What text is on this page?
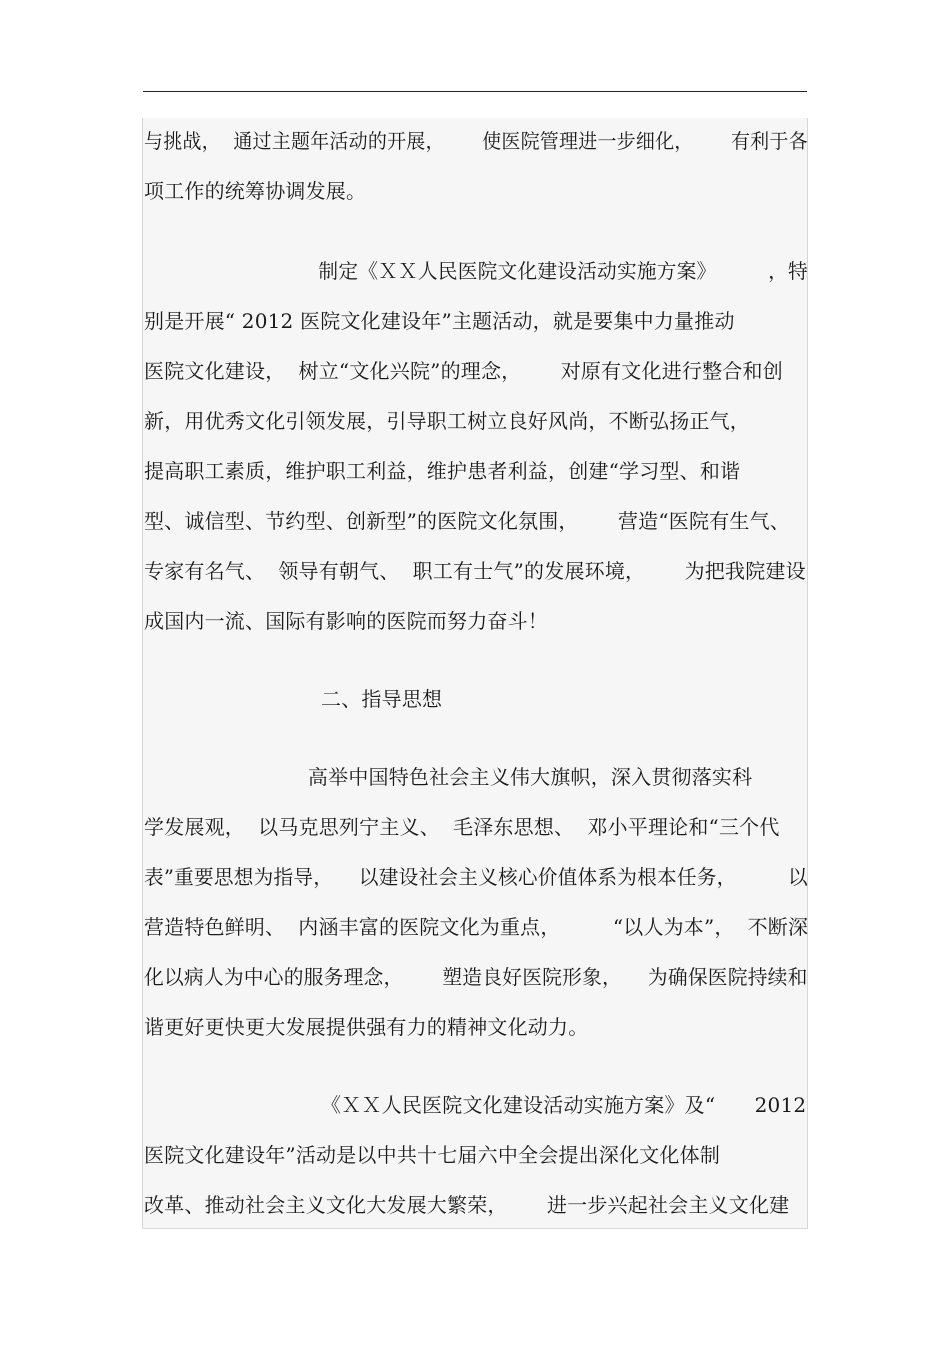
与挑战，  通过主题年活动的开展，      使医院管理进一步细化，      有利于各
项工作的统筹协调发展。
制定《ＸＸ人民医院文化建设活动实施方案》        ，特
别是开展“ 2012 医院文化建设年”主题活动，就是要集中力量推动
医院文化建设，  树立“文化兴院”的理念，      对原有文化进行整合和创
新，用优秀文化引领发展，引导职工树立良好风尚，不断弘扬正气，
提高职工素质，维护职工利益，维护患者利益，创建“学习型、和谐
型、诚信型、节约型、创新型”的医院文化氛围，      营造“医院有生气、
专家有名气、  领导有朝气、  职工有士气”的发展环境，      为把我院建设
成国内一流、国际有影响的医院而努力奋斗！
二、指导思想
高举中国特色社会主义伟大旗帜，深入贯彻落实科
学发展观，  以马克思列宁主义、  毛泽东思想、  邓小平理论和“三个代
表”重要思想为指导，    以建设社会主义核心价值体系为根本任务，        以
营造特色鲜明、  内涵丰富的医院文化为重点，        “以人为本”，  不断深
化以病人为中心的服务理念，      塑造良好医院形象，    为确保医院持续和
谐更好更快更大发展提供强有力的精神文化动力。
《ＸＸ人民医院文化建设活动实施方案》及“      2012
医院文化建设年”活动是以中共十七届六中全会提出深化文化体制
改革、推动社会主义文化大发展大繁荣，      进一步兴起社会主义文化建
